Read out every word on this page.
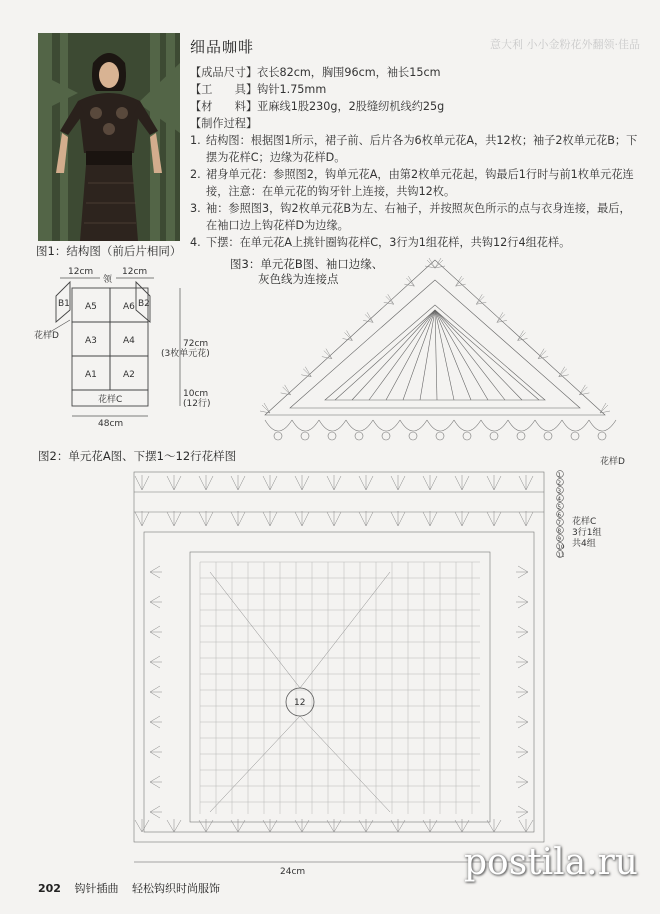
意大利 小小金粉花外翻领·佳品
细品咖啡
【成品尺寸】衣长82cm，胸围96cm，袖长15cm
【工　　具】钩针1.75mm
【材　　料】亚麻线1股230g，2股缝纫机线约25g
【制作过程】
1. 结构图：根据图1所示，裙子前、后片各为6枚单元花A，共12枚；袖子2枚单元花B；下摆为花样C；边缘为花样D。
2. 裙身单元花：参照图2，钩单元花A，由第2枚单元花起，钩最后1行时与前1枚单元花连接，注意：在单元花的钩牙针上连接，共钩12枚。
3. 袖：参照图3，钩2枚单元花B为左、右袖子，并按照灰色所示的点与衣身连接，最后，在袖口边上钩花样D为边缘。
4. 下摆：在单元花A上挑针圈钩花样C，3行为1组花样，共钩12行4组花样。
图1：结构图（前后片相同）
12cm	12cm
领
B1	B2
A5	A6
A3	A4
A1	A2
花样C
花样D
48cm
72cm
(3枚单元花)
10cm
(12行)
图3：单元花B图、袖口边缘、
灰色线为连接点
花样D
图2：单元花A图、下摆1～12行花样图
12
1
2
3
4
5
6
7
8
9
10
11
花样C
3行1组
共4组
24cm
202 钩针插曲 轻松钩织时尚服饰
postila.ru
